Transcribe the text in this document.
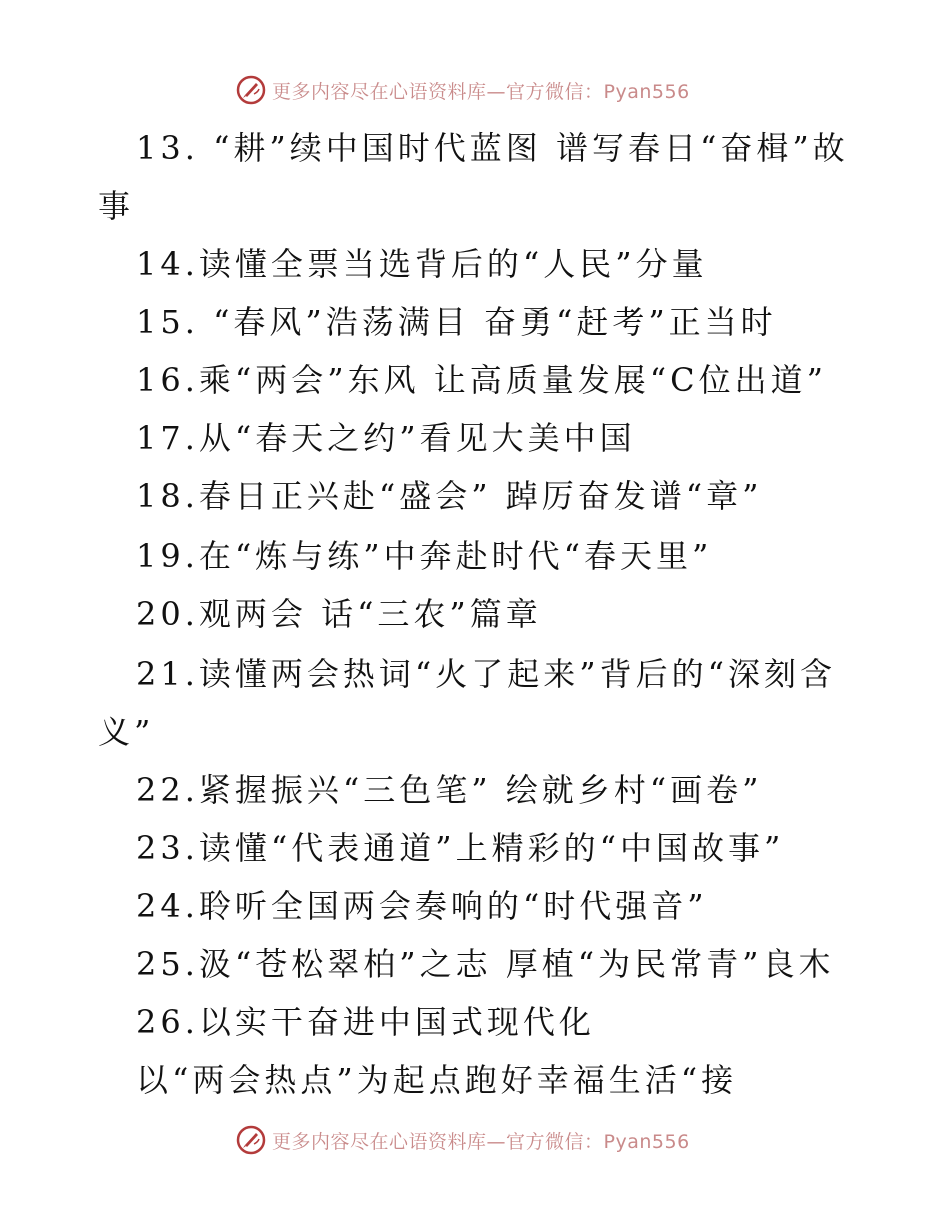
更多内容尽在心语资料库—官方微信：Pyan556
13. “耕”续中国时代蓝图 谱写春日“奋楫”故
事
14.读懂全票当选背后的“人民”分量
15. “春风”浩荡满目 奋勇“赶考”正当时
16.乘“两会”东风 让高质量发展“C位出道”
17.从“春天之约”看见大美中国
18.春日正兴赴“盛会” 踔厉奋发谱“章”
19.在“炼与练”中奔赴时代“春天里”
20.观两会 话“三农”篇章
21.读懂两会热词“火了起来”背后的“深刻含
义”
22.紧握振兴“三色笔” 绘就乡村“画卷”
23.读懂“代表通道”上精彩的“中国故事”
24.聆听全国两会奏响的“时代强音”
25.汲“苍松翠柏”之志 厚植“为民常青”良木
26.以实干奋进中国式现代化
以“两会热点”为起点跑好幸福生活“接
更多内容尽在心语资料库—官方微信：Pyan556
